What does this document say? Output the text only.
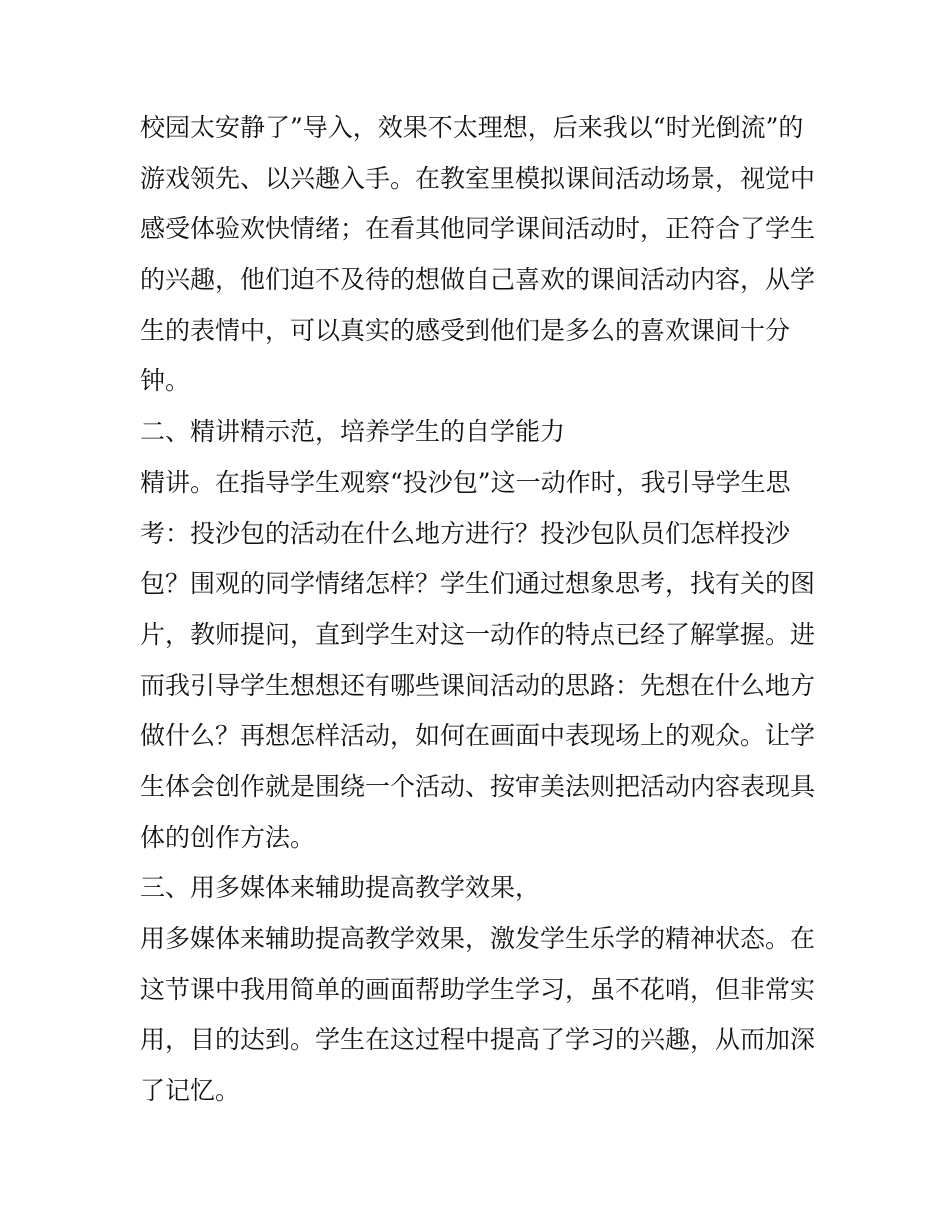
校园太安静了”导入，效果不太理想，后来我以“时光倒流”的
游戏领先、以兴趣入手。在教室里模拟课间活动场景，视觉中
感受体验欢快情绪；在看其他同学课间活动时，正符合了学生
的兴趣，他们迫不及待的想做自己喜欢的课间活动内容，从学
生的表情中，可以真实的感受到他们是多么的喜欢课间十分
钟。
二、精讲精示范，培养学生的自学能力
精讲。在指导学生观察“投沙包”这一动作时，我引导学生思
考：投沙包的活动在什么地方进行？投沙包队员们怎样投沙
包？围观的同学情绪怎样？学生们通过想象思考，找有关的图
片，教师提问，直到学生对这一动作的特点已经了解掌握。进
而我引导学生想想还有哪些课间活动的思路：先想在什么地方
做什么？再想怎样活动，如何在画面中表现场上的观众。让学
生体会创作就是围绕一个活动、按审美法则把活动内容表现具
体的创作方法。
三、用多媒体来辅助提高教学效果，
用多媒体来辅助提高教学效果，激发学生乐学的精神状态。在
这节课中我用简单的画面帮助学生学习，虽不花哨，但非常实
用，目的达到。学生在这过程中提高了学习的兴趣，从而加深
了记忆。
